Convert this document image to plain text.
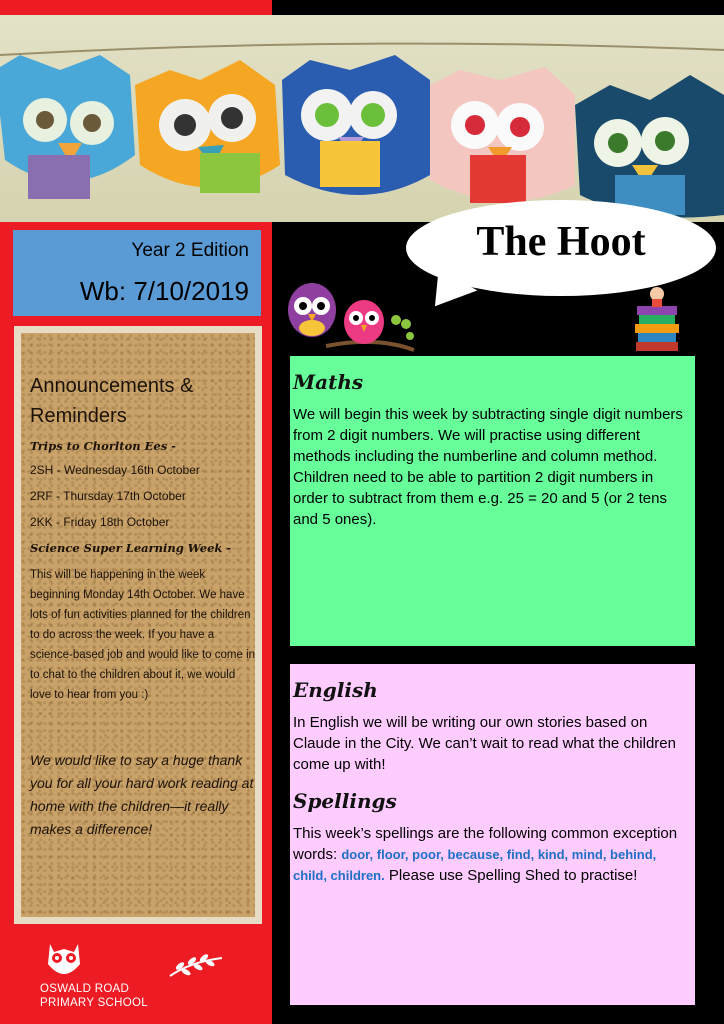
Year 2 Edition
Wb: 7/10/2019
Announcements & Reminders
Trips to Chorlton Ees -
2SH - Wednesday 16th October
2RF - Thursday 17th October
2KK - Friday 18th October
Science Super Learning Week -
This will be happening in the week beginning Monday 14th October. We have lots of fun activities planned for the children to do across the week. If you have a science-based job and would like to come in to chat to the children about it, we would love to hear from you :)
We would like to say a huge thank you for all your hard work reading at home with the children—it really makes a difference!
The Hoot
Maths

We will begin this week by subtracting single digit numbers from 2 digit numbers. We will practise using different methods including the numberline and column method. Children need to be able to partition 2 digit numbers in order to subtract from them e.g. 25 = 20 and 5 (or 2 tens and 5 ones).

English

In English we will be writing our own stories based on Claude in the City. We can’t wait to read what the children come up with!

Spellings

This week’s spellings are the following common exception words: door, floor, poor, because, find, kind, mind, behind, child, children. Please use Spelling Shed to practise!

OSWALD ROAD
PRIMARY SCHOOL
